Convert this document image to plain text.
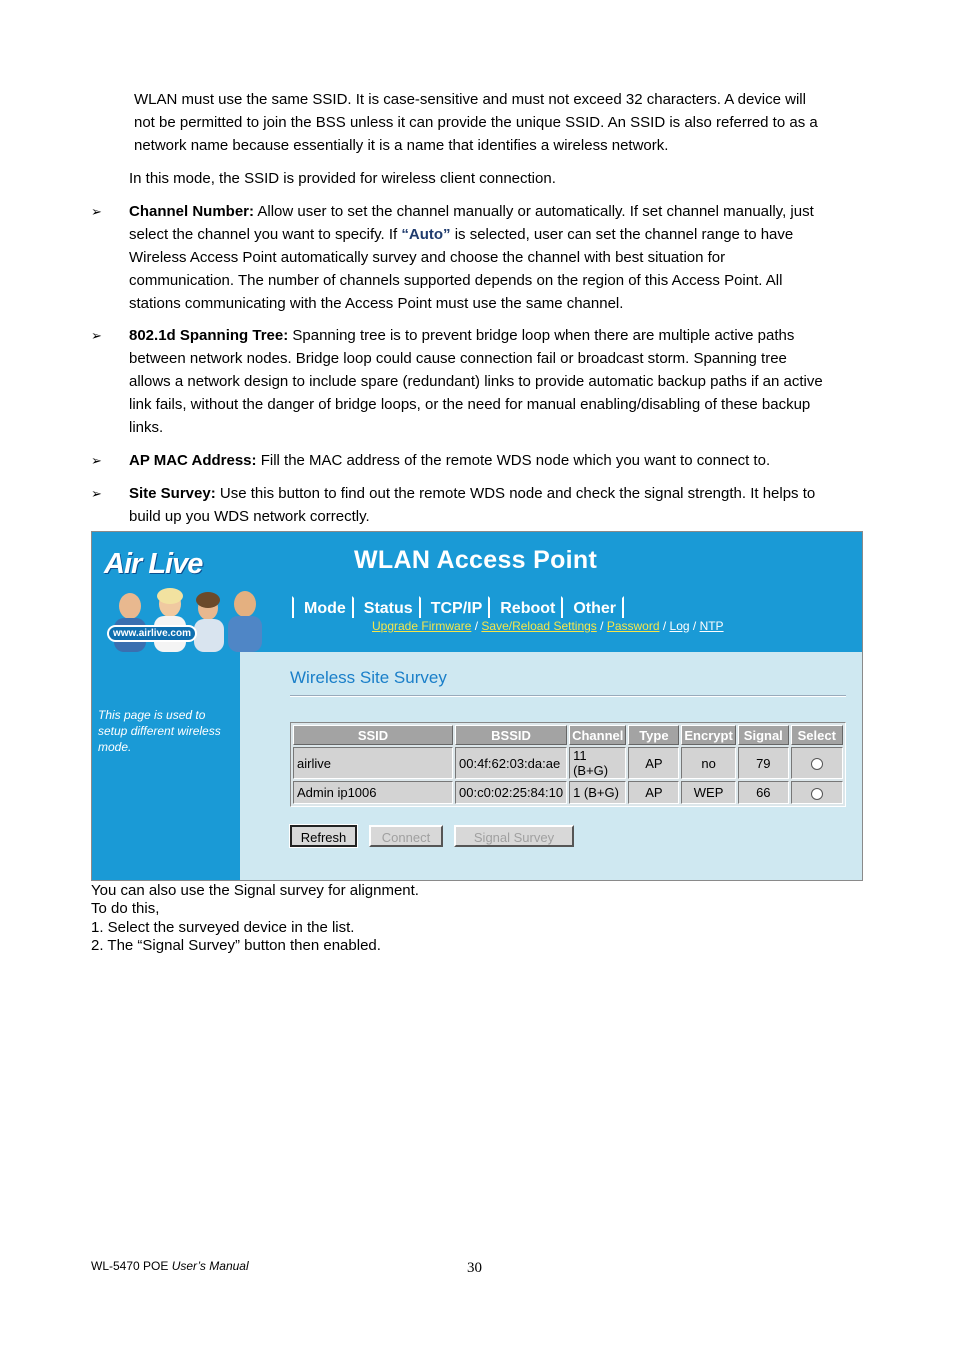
WLAN must use the same SSID. It is case-sensitive and must not exceed 32 characters. A device will
not be permitted to join the BSS unless it can provide the unique SSID. An SSID is also referred to as a
network name because essentially it is a name that identifies a wireless network.
In this mode, the SSID is provided for wireless client connection.
➢ Channel Number: Allow user to set the channel manually or automatically. If set channel manually, just
select the channel you want to specify. If “Auto” is selected, user can set the channel range to have
Wireless Access Point automatically survey and choose the channel with best situation for
communication. The number of channels supported depends on the region of this Access Point. All
stations communicating with the Access Point must use the same channel.
➢ 802.1d Spanning Tree: Spanning tree is to prevent bridge loop when there are multiple active paths
between network nodes. Bridge loop could cause connection fail or broadcast storm. Spanning tree
allows a network design to include spare (redundant) links to provide automatic backup paths if an active
link fails, without the danger of bridge loops, or the need for manual enabling/disabling of these backup
links.
➢ AP MAC Address: Fill the MAC address of the remote WDS node which you want to connect to.
➢ Site Survey: Use this button to find out the remote WDS node and check the signal strength. It helps to
build up you WDS network correctly.
Air Live
www.airlive.com
WLAN Access Point
Mode	Status	TCP/IP	Reboot	Other
Upgrade Firmware / Save/Reload Settings / Password / Log / NTP
This page is used to setup different wireless mode.
Wireless Site Survey
SSID	BSSID	Channel	Type	Encrypt	Signal	Select
airlive	00:4f:62:03:da:ae	11 (B+G)	AP	no	79	
Admin ip1006	00:c0:02:25:84:10	1 (B+G)	AP	WEP	66	
Refresh	Connect	Signal Survey
You can also use the Signal survey for alignment.
To do this,
1. Select the surveyed device in the list.
2. The “Signal Survey” button then enabled.
WL-5470 POE User’s Manual	30
